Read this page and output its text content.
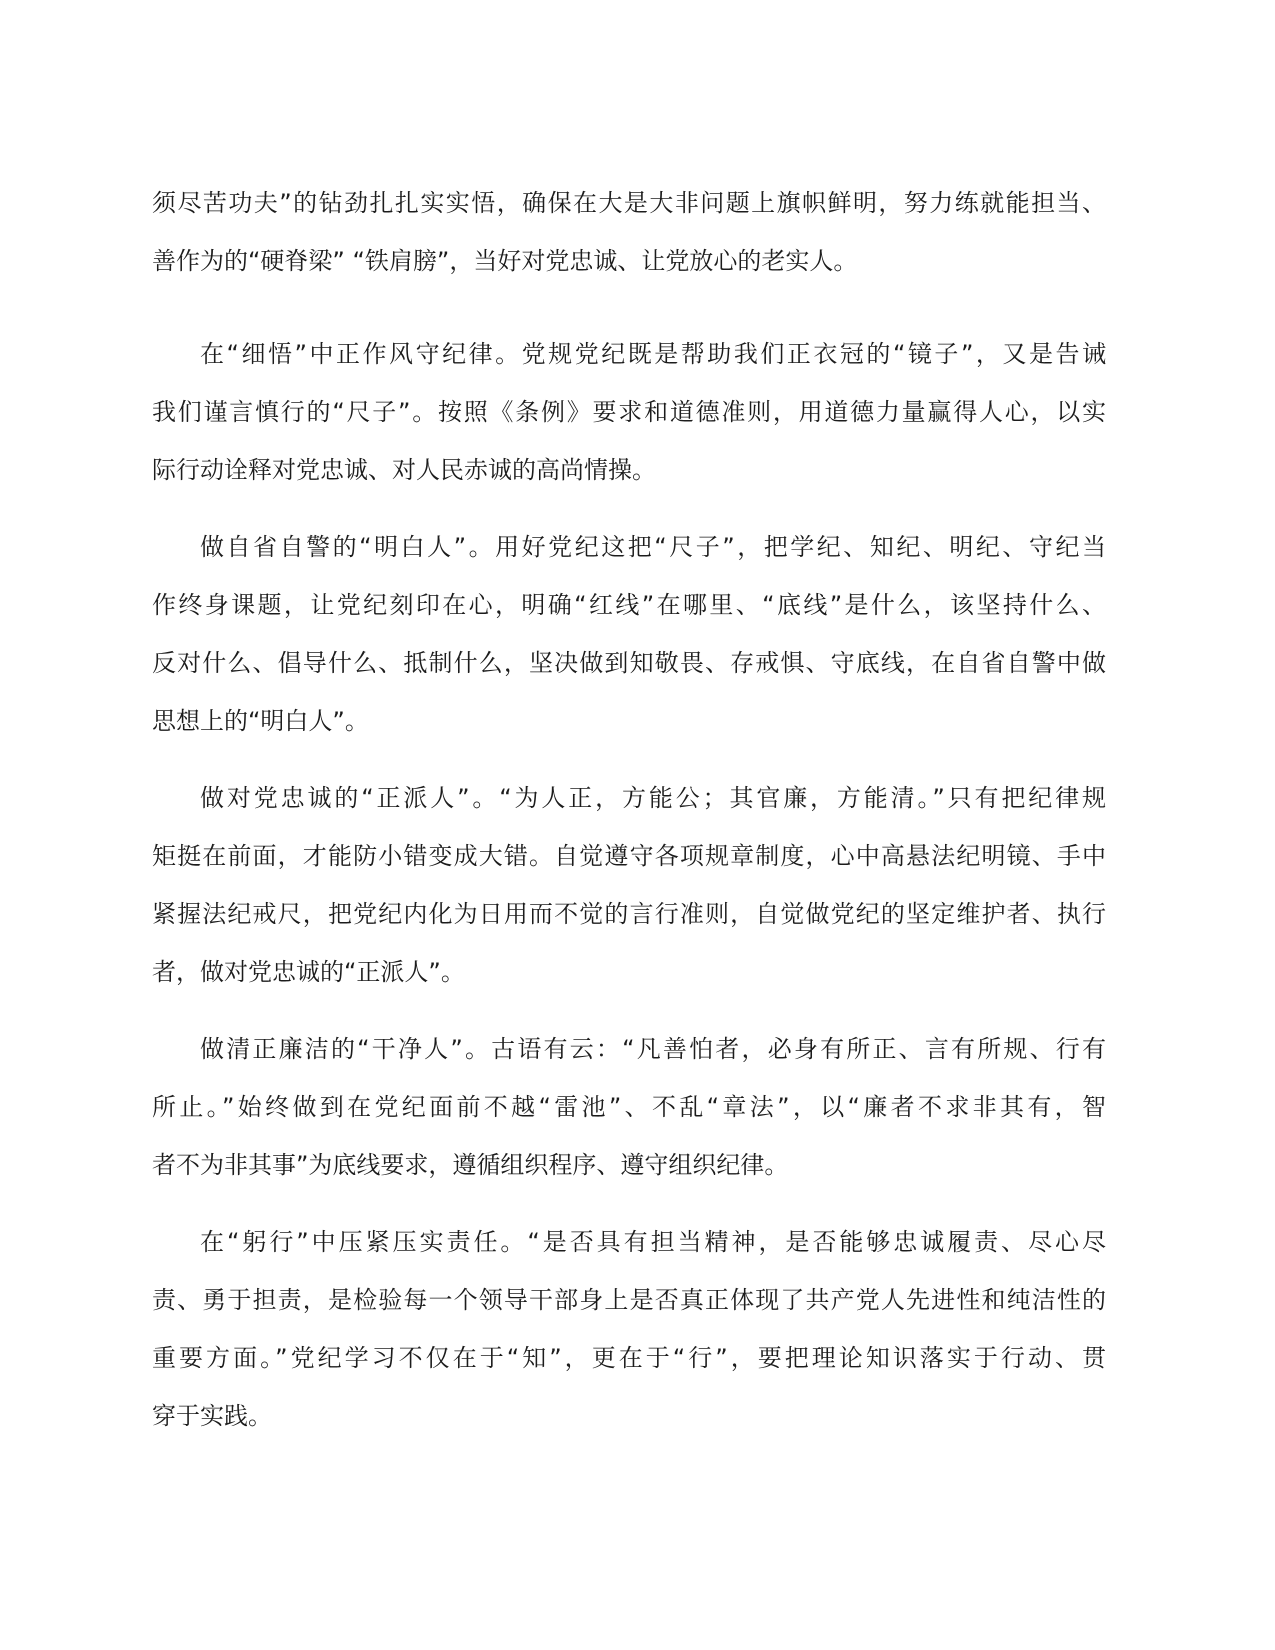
须尽苦功夫”的钻劲扎扎实实悟，确保在大是大非问题上旗帜鲜明，努力练就能担当、
善作为的“硬脊梁” “铁肩膀”，当好对党忠诚、让党放心的老实人。
在“细悟”中正作风守纪律。党规党纪既是帮助我们正衣冠的“镜子”，又是告诫
我们谨言慎行的“尺子”。按照《条例》要求和道德准则，用道德力量赢得人心，以实
际行动诠释对党忠诚、对人民赤诚的高尚情操。
做自省自警的“明白人”。用好党纪这把“尺子”，把学纪、知纪、明纪、守纪当
作终身课题，让党纪刻印在心，明确“红线”在哪里、“底线”是什么，该坚持什么、
反对什么、倡导什么、抵制什么，坚决做到知敬畏、存戒惧、守底线，在自省自警中做
思想上的“明白人”。
做对党忠诚的“正派人”。“为人正，方能公；其官廉，方能清。”只有把纪律规
矩挺在前面，才能防小错变成大错。自觉遵守各项规章制度，心中高悬法纪明镜、手中
紧握法纪戒尺，把党纪内化为日用而不觉的言行准则，自觉做党纪的坚定维护者、执行
者，做对党忠诚的“正派人”。
做清正廉洁的“干净人”。古语有云：“凡善怕者，必身有所正、言有所规、行有
所止。”始终做到在党纪面前不越“雷池”、不乱“章法”，以“廉者不求非其有，智
者不为非其事”为底线要求，遵循组织程序、遵守组织纪律。
在“躬行”中压紧压实责任。“是否具有担当精神，是否能够忠诚履责、尽心尽
责、勇于担责，是检验每一个领导干部身上是否真正体现了共产党人先进性和纯洁性的
重要方面。”党纪学习不仅在于“知”，更在于“行”，要把理论知识落实于行动、贯
穿于实践。
